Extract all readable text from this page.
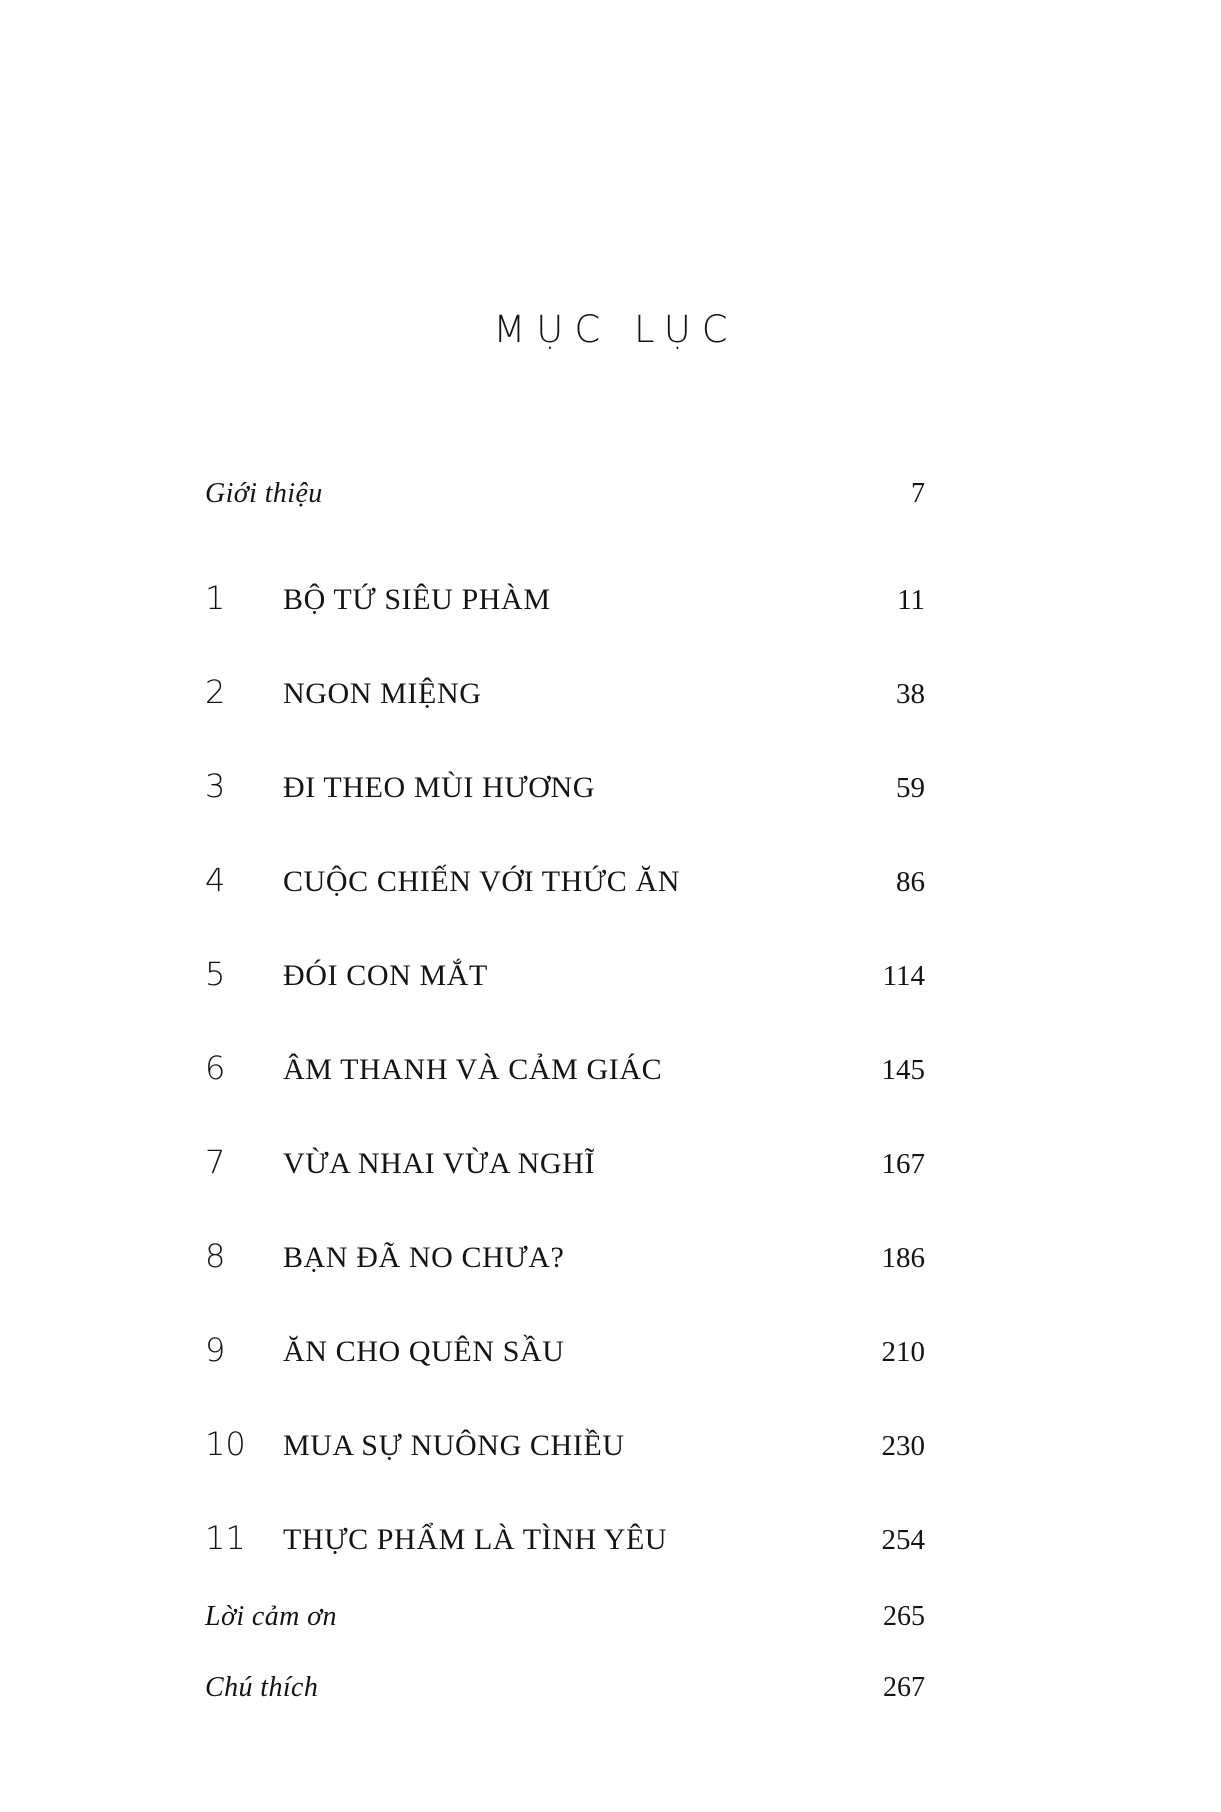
MỤC LỤC
Giới thiệu	7
1	BỘ TỨ SIÊU PHÀM	11
2	NGON MIỆNG	38
3	ĐI THEO MÙI HƯƠNG	59
4	CUỘC CHIẾN VỚI THỨC ĂN	86
5	ĐÓI CON MẮT	114
6	ÂM THANH VÀ CẢM GIÁC	145
7	VỪA NHAI VỪA NGHĨ	167
8	BẠN ĐÃ NO CHƯA?	186
9	ĂN CHO QUÊN SẦU	210
10	MUA SỰ NUÔNG CHIỀU	230
11	THỰC PHẨM LÀ TÌNH YÊU	254
Lời cảm ơn	265
Chú thích	267
